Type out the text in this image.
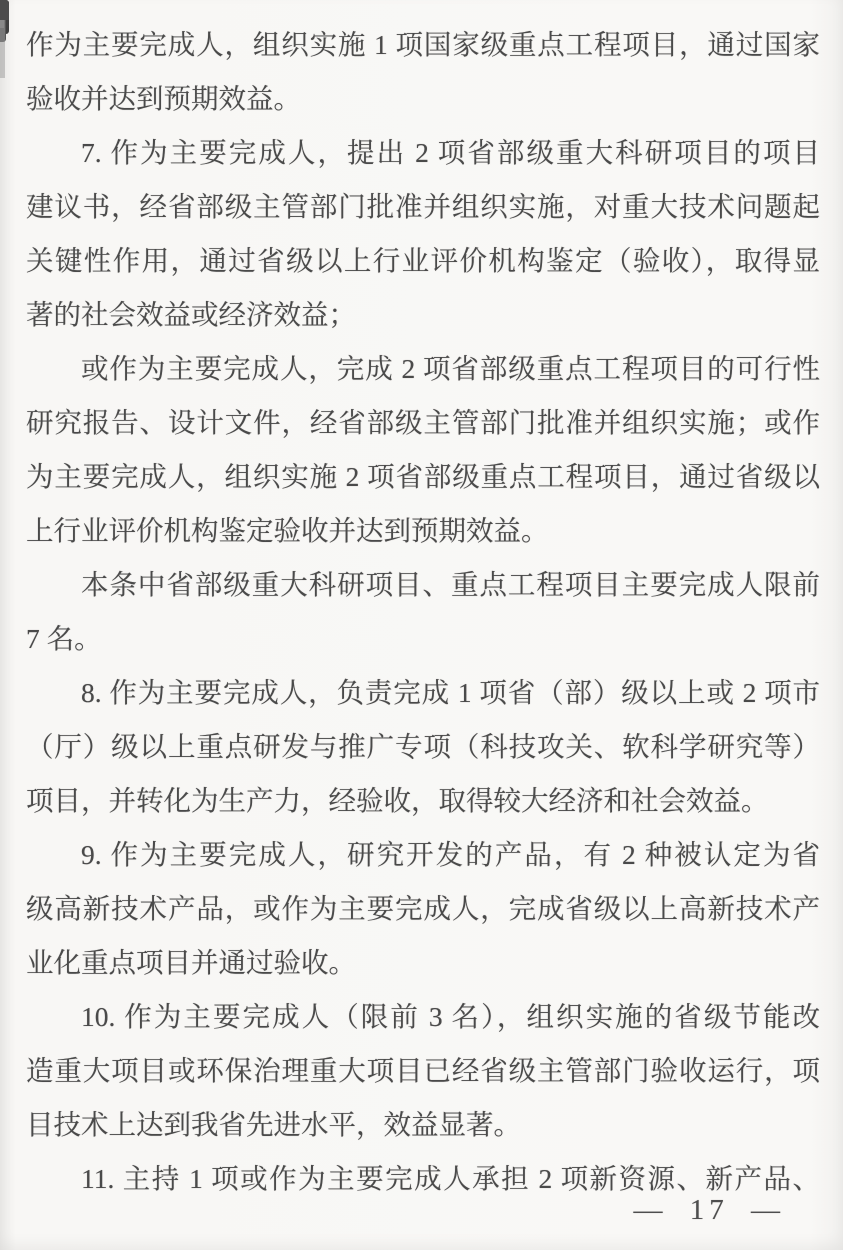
作为主要完成人，组织实施 1 项国家级重点工程项目，通过国家
验收并达到预期效益。
7. 作为主要完成人，提出 2 项省部级重大科研项目的项目
建议书，经省部级主管部门批准并组织实施，对重大技术问题起
关键性作用，通过省级以上行业评价机构鉴定（验收），取得显
著的社会效益或经济效益；
或作为主要完成人，完成 2 项省部级重点工程项目的可行性
研究报告、设计文件，经省部级主管部门批准并组织实施；或作
为主要完成人，组织实施 2 项省部级重点工程项目，通过省级以
上行业评价机构鉴定验收并达到预期效益。
本条中省部级重大科研项目、重点工程项目主要完成人限前
7 名。
8. 作为主要完成人，负责完成 1 项省（部）级以上或 2 项市
（厅）级以上重点研发与推广专项（科技攻关、软科学研究等）
项目，并转化为生产力，经验收，取得较大经济和社会效益。
9. 作为主要完成人，研究开发的产品，有 2 种被认定为省
级高新技术产品，或作为主要完成人，完成省级以上高新技术产
业化重点项目并通过验收。
10. 作为主要完成人（限前 3 名），组织实施的省级节能改
造重大项目或环保治理重大项目已经省级主管部门验收运行，项
目技术上达到我省先进水平，效益显著。
11. 主持 1 项或作为主要完成人承担 2 项新资源、新产品、
— 17 —
